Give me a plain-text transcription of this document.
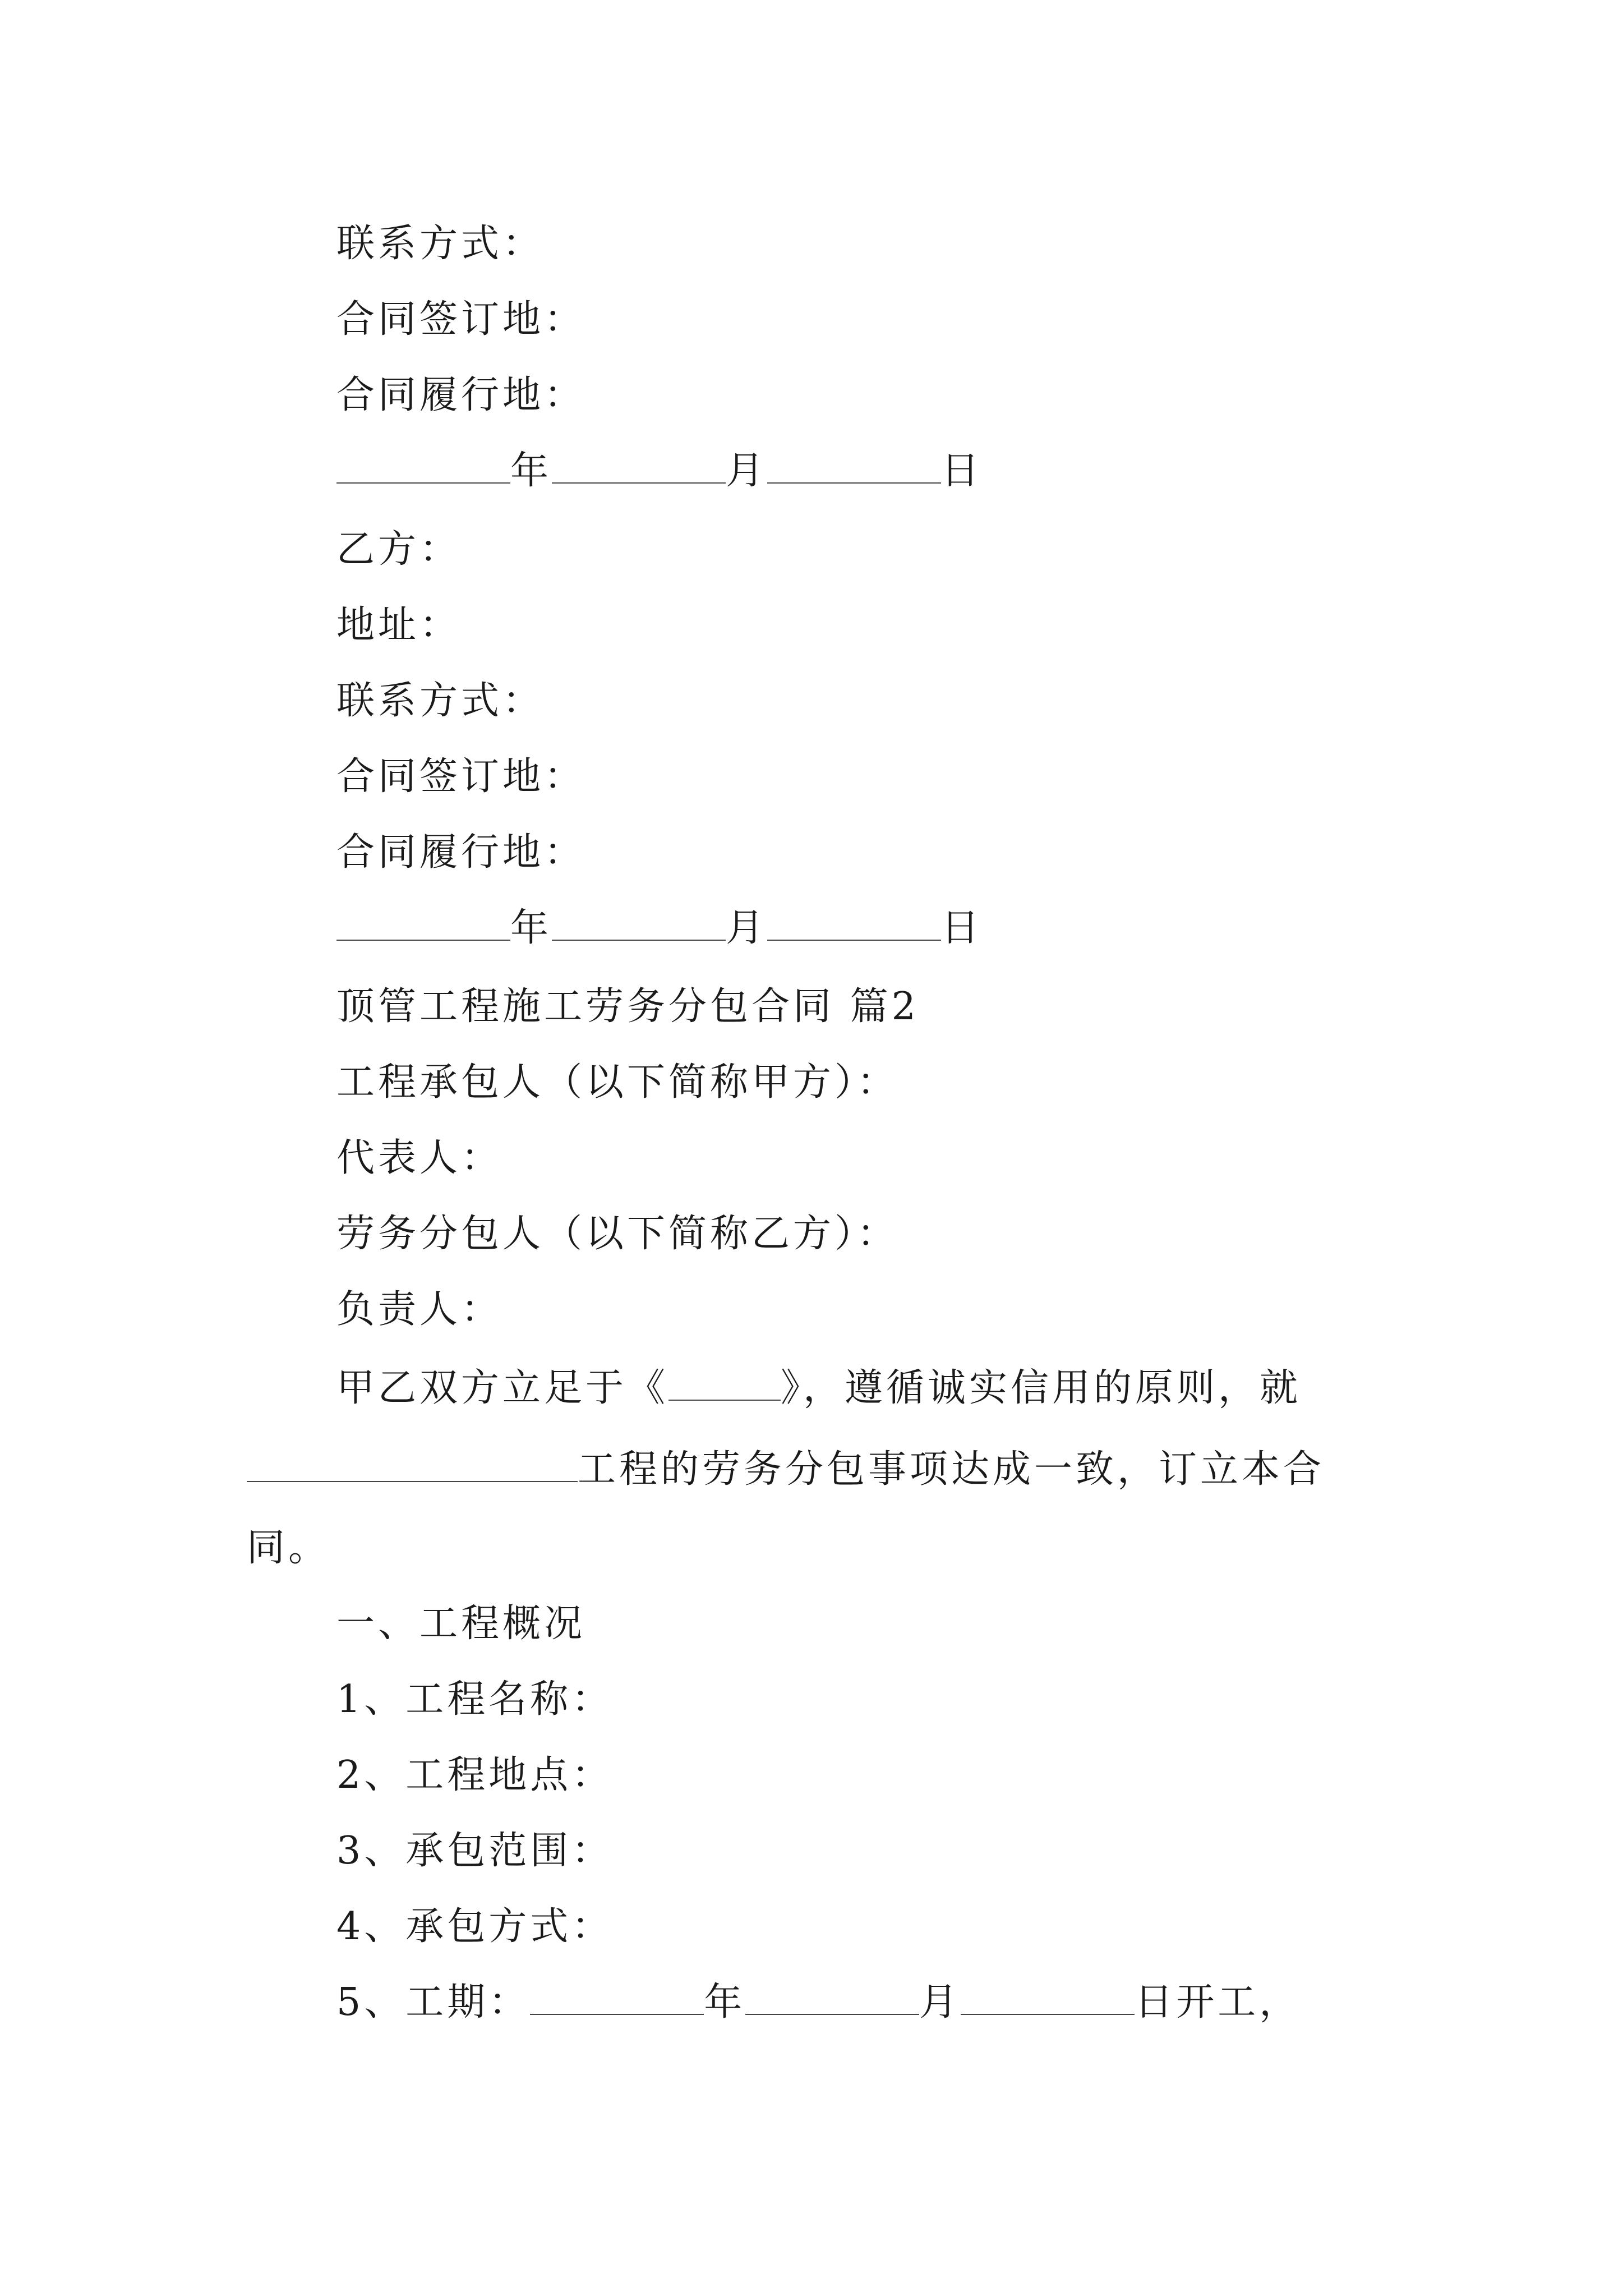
联系方式：
合同签订地：
合同履行地：
年	月	日
乙方：
地址：
联系方式：
合同签订地：
合同履行地：
年	月	日
顶管工程施工劳务分包合同 篇2
工程承包人（以下简称甲方）：
代表人：
劳务分包人（以下简称乙方）：
负责人：
甲乙双方立足于《	》，遵循诚实信用的原则，就
工程的劳务分包事项达成一致，订立本合
同。
一、工程概况
1、工程名称：
2、工程地点：
3、承包范围：
4、承包方式：
5、工期：	年	月	日开工，
